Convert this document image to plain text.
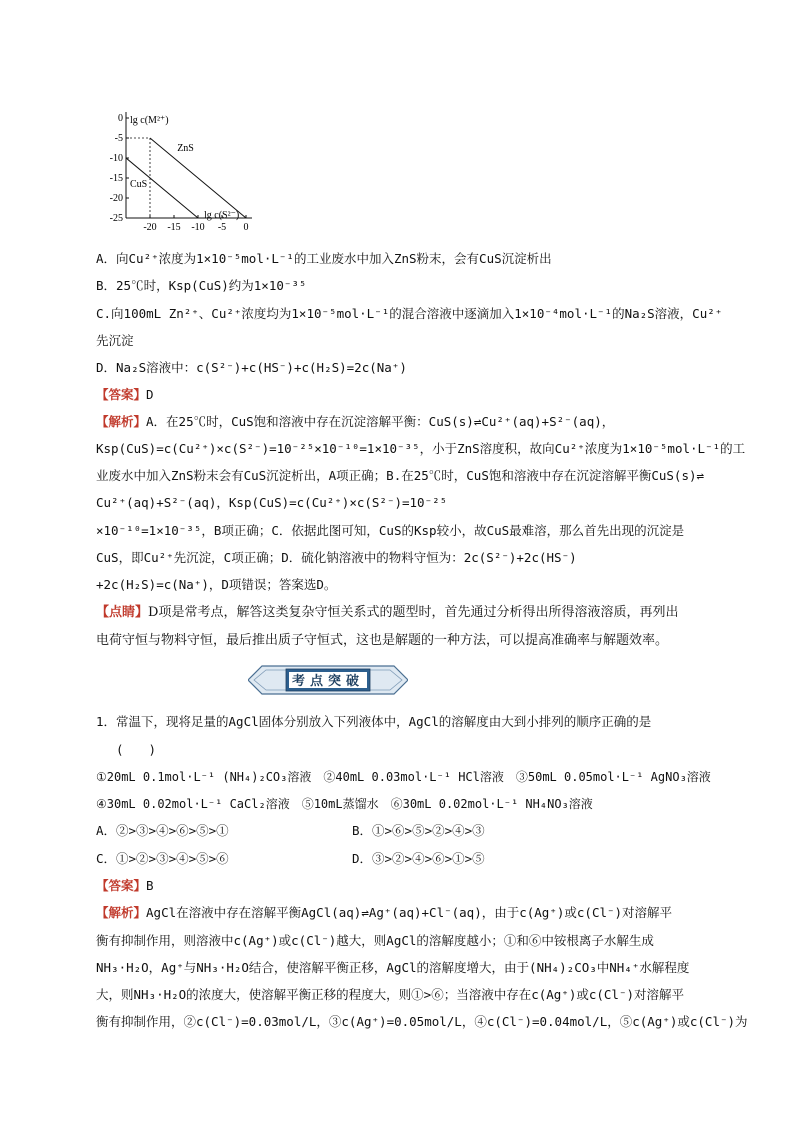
0
-5
-10
-15
-20
-25
-20 -15 -10 -5 0
ZnS
CuS
lg c(M²⁺)
lg c(S²⁻)
A．向Cu²⁺浓度为1×10⁻⁵mol·L⁻¹的工业废水中加入ZnS粉末，会有CuS沉淀析出
B．25℃时，Ksp(CuS)约为1×10⁻³⁵
C.向100mL Zn²⁺、Cu²⁺浓度均为1×10⁻⁵mol·L⁻¹的混合溶液中逐滴加入1×10⁻⁴mol·L⁻¹的Na₂S溶液，Cu²⁺
先沉淀
D．Na₂S溶液中：c(S²⁻)+c(HS⁻)+c(H₂S)=2c(Na⁺)
【答案】D
【解析】A．在25℃时，CuS饱和溶液中存在沉淀溶解平衡：CuS(s)⇌Cu²⁺(aq)+S²⁻(aq)，
Ksp(CuS)=c(Cu²⁺)×c(S²⁻)=10⁻²⁵×10⁻¹⁰=1×10⁻³⁵，小于ZnS溶度积，故向Cu²⁺浓度为1×10⁻⁵mol·L⁻¹的工
业废水中加入ZnS粉末会有CuS沉淀析出，A项正确；B.在25℃时，CuS饱和溶液中存在沉淀溶解平衡CuS(s)⇌
Cu²⁺(aq)+S²⁻(aq)，Ksp(CuS)=c(Cu²⁺)×c(S²⁻)=10⁻²⁵
×10⁻¹⁰=1×10⁻³⁵，B项正确；C．依据此图可知，CuS的Ksp较小，故CuS最难溶，那么首先出现的沉淀是
CuS，即Cu²⁺先沉淀，C项正确；D．硫化钠溶液中的物料守恒为：2c(S²⁻)+2c(HS⁻)
+2c(H₂S)=c(Na⁺)，D项错误；答案选D。
【点睛】D项是常考点，解答这类复杂守恒关系式的题型时，首先通过分析得出所得溶液溶质，再列出
电荷守恒与物料守恒，最后推出质子守恒式，这也是解题的一种方法，可以提高准确率与解题效率。
考点突破
1．常温下，现将足量的AgCl固体分别放入下列液体中，AgCl的溶解度由大到小排列的顺序正确的是
(　　)
①20mL 0.1mol·L⁻¹ (NH₄)₂CO₃溶液　②40mL 0.03mol·L⁻¹ HCl溶液　③50mL 0.05mol·L⁻¹ AgNO₃溶液
④30mL 0.02mol·L⁻¹ CaCl₂溶液　⑤10mL蒸馏水　⑥30mL 0.02mol·L⁻¹ NH₄NO₃溶液
A．②>③>④>⑥>⑤>①	B．①>⑥>⑤>②>④>③
C．①>②>③>④>⑤>⑥	D．③>②>④>⑥>①>⑤
【答案】B
【解析】AgCl在溶液中存在溶解平衡AgCl(aq)⇌Ag⁺(aq)+Cl⁻(aq)，由于c(Ag⁺)或c(Cl⁻)对溶解平
衡有抑制作用，则溶液中c(Ag⁺)或c(Cl⁻)越大，则AgCl的溶解度越小；①和⑥中铵根离子水解生成
NH₃·H₂O，Ag⁺与NH₃·H₂O结合，使溶解平衡正移，AgCl的溶解度增大，由于(NH₄)₂CO₃中NH₄⁺水解程度
大，则NH₃·H₂O的浓度大，使溶解平衡正移的程度大，则①>⑥；当溶液中存在c(Ag⁺)或c(Cl⁻)对溶解平
衡有抑制作用，②c(Cl⁻)=0.03mol/L，③c(Ag⁺)=0.05mol/L，④c(Cl⁻)=0.04mol/L，⑤c(Ag⁺)或c(Cl⁻)为
